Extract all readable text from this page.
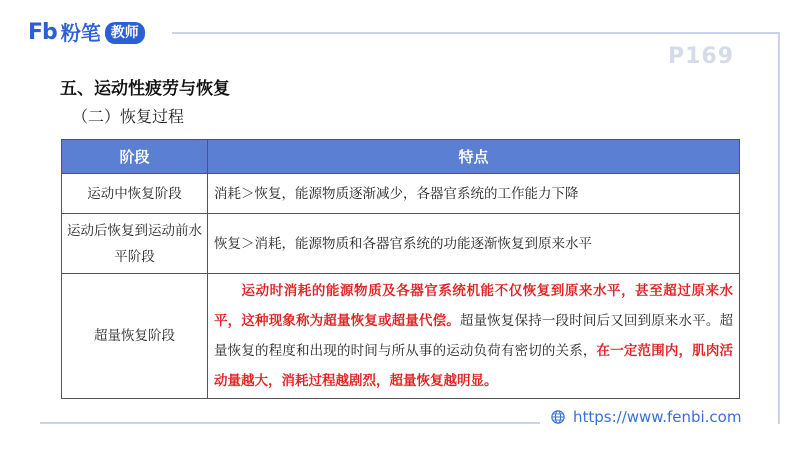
Fb 粉笔 教师
P169
五、运动性疲劳与恢复
（二）恢复过程
阶段	特点
运动中恢复阶段	消耗＞恢复，能源物质逐渐减少，各器官系统的工作能力下降
运动后恢复到运动前水平阶段	恢复＞消耗，能源物质和各器官系统的功能逐渐恢复到原来水平
超量恢复阶段	运动时消耗的能源物质及各器官系统机能不仅恢复到原来水平，甚至超过原来水平，这种现象称为超量恢复或超量代偿。超量恢复保持一段时间后又回到原来水平。超量恢复的程度和出现的时间与所从事的运动负荷有密切的关系，在一定范围内，肌肉活动量越大，消耗过程越剧烈，超量恢复越明显。
https://www.fenbi.com
